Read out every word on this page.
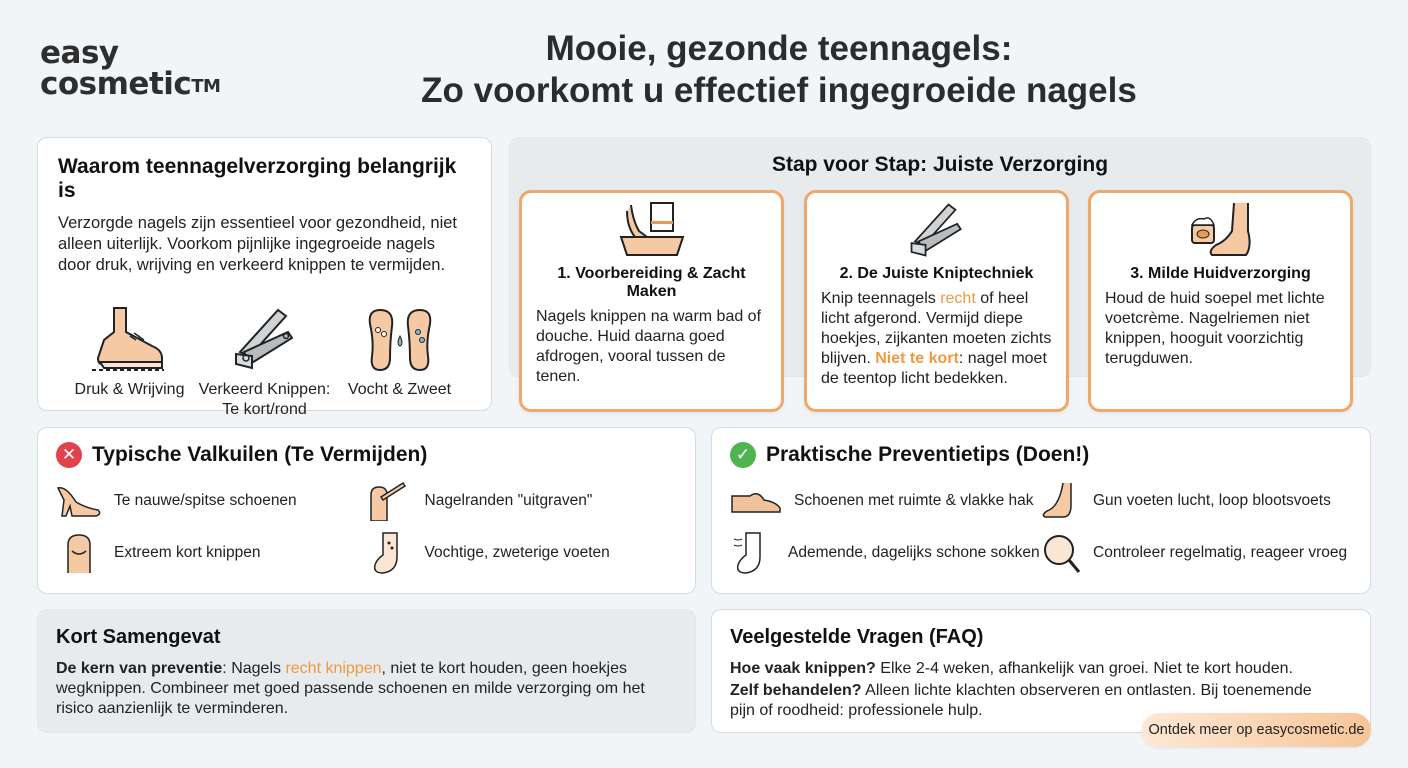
easy
cosmetic™
Mooie, gezonde teennagels:
Zo voorkomt u effectief ingegroeide nagels
Waarom teennagelverzorging belangrijk is

Verzorgde nagels zijn essentieel voor gezondheid, niet alleen uiterlijk. Voorkom pijnlijke ingegroeide nagels door druk, wrijving en verkeerd knippen te vermijden.

Druk & Wrijving Verkeerd Knippen: Te kort/rond
Vocht & Zweet
Stap voor Stap: Juiste Verzorging
1. Voorbereiding & Zacht Maken

Nagels knippen na warm bad of douche. Huid daarna goed afdrogen, vooral tussen de tenen.

2. De Juiste Kniptechniek

Knip teennagels recht of heel licht afgerond. Vermijd diepe hoekjes, zijkanten moeten zichts blijven. Niet te kort: nagel moet de teentop licht bedekken.

3. Milde Huidverzorging

Houd de huid soepel met lichte voetcrème. Nagelriemen niet knippen, hooguit voorzichtig terugduwen.

✕ Typische Valkuilen (Te Vermijden)
Te nauwe/spitse schoenen	Nagelranden "uitgraven"
Extreem kort knippen	Vochtige, zweterige voeten
✓ Praktische Preventietips (Doen!)
Schoenen met ruimte & vlakke hak	Gun voeten lucht, loop blootsvoets
Ademende, dagelijks schone sokken	Controleer regelmatig, reageer vroeg
Kort Samengevat

De kern van preventie: Nagels recht knippen, niet te kort houden, geen hoekjes wegknippen. Combineer met goed passende schoenen en milde verzorging om het risico aanzienlijk te verminderen.

Veelgestelde Vragen (FAQ)

Hoe vaak knippen? Elke 2-4 weken, afhankelijk van groei. Niet te kort houden.

Zelf behandelen? Alleen lichte klachten observeren en ontlasten. Bij toenemende pijn of roodheid: professionele hulp.

Ontdek meer op easycosmetic.de
